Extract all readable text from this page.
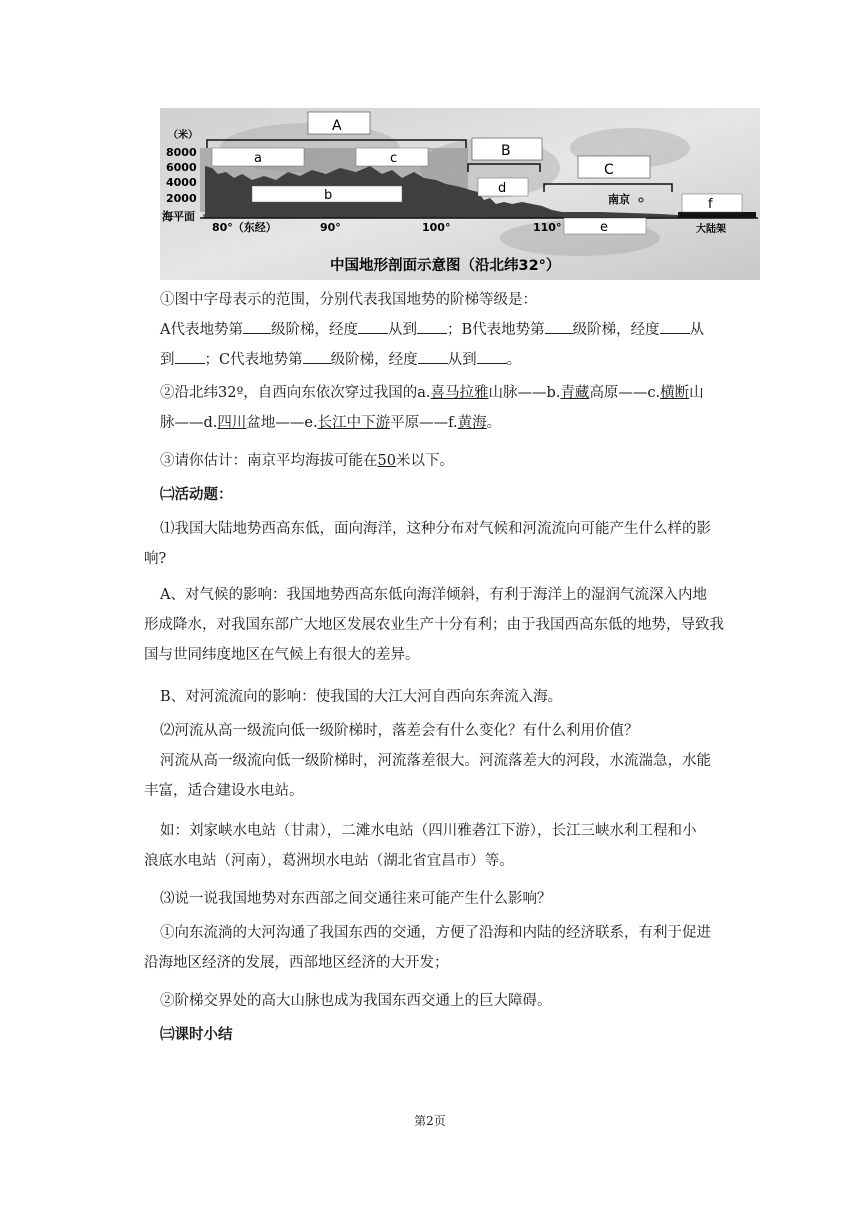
（米）
8000
6000
4000
2000
海平面
80°（东经）	90°	100°	110°	大陆架
A
B
C
a
b
c
d
e
f
南京
中国地形剖面示意图（沿北纬32°）

①图中字母表示的范围，分别代表我国地势的阶梯等级是：

A代表地势第 级阶梯，经度 从到 ；B代表地势第 级阶梯，经度 从

到 ；C代表地势第 级阶梯，经度 从到 。

②沿北纬32º，自西向东依次穿过我国的a.喜马拉雅山脉——b.青藏高原——c.横断山

脉——d.四川盆地——e.长江中下游平原——f.黄海。

③请你估计：南京平均海拔可能在50米以下。

㈡活动题：

⑴我国大陆地势西高东低，面向海洋，这种分布对气候和河流流向可能产生什么样的影

响?

A、对气候的影响：我国地势西高东低向海洋倾斜，有利于海洋上的湿润气流深入内地

形成降水，对我国东部广大地区发展农业生产十分有利；由于我国西高东低的地势，导致我

国与世同纬度地区在气候上有很大的差异。

B、对河流流向的影响：使我国的大江大河自西向东奔流入海。

⑵河流从高一级流向低一级阶梯时，落差会有什么变化？有什么利用价值？

河流从高一级流向低一级阶梯时，河流落差很大。河流落差大的河段，水流湍急，水能

丰富，适合建设水电站。

如：刘家峡水电站（甘肃），二滩水电站（四川雅砻江下游），长江三峡水利工程和小

浪底水电站（河南），葛洲坝水电站（湖北省宜昌市）等。

⑶说一说我国地势对东西部之间交通往来可能产生什么影响？

①向东流淌的大河沟通了我国东西的交通，方便了沿海和内陆的经济联系，有利于促进

沿海地区经济的发展，西部地区经济的大开发；

②阶梯交界处的高大山脉也成为我国东西交通上的巨大障碍。

㈢课时小结

第2页
